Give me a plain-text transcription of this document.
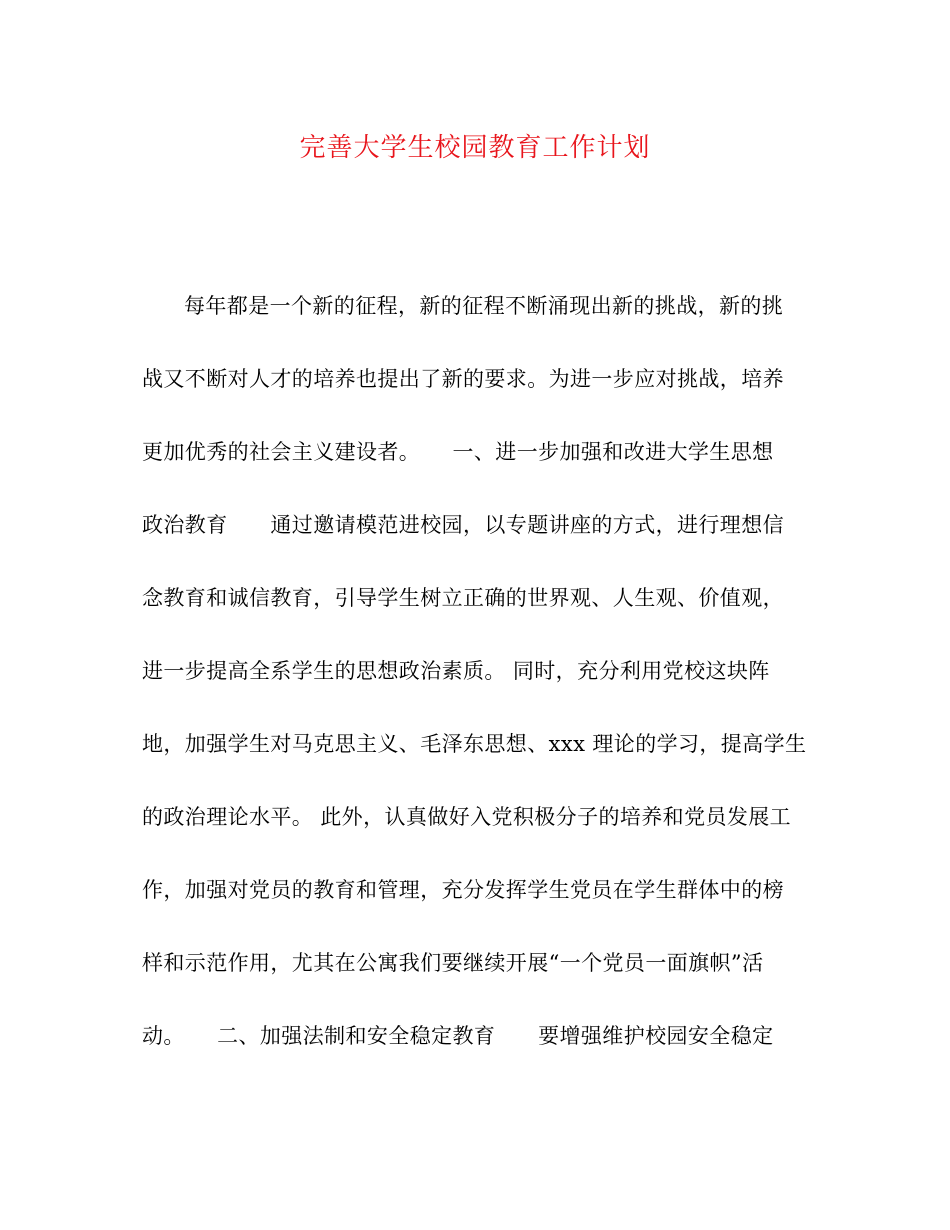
完善大学生校园教育工作计划
每年都是一个新的征程，新的征程不断涌现出新的挑战，新的挑
战又不断对人才的培养也提出了新的要求。为进一步应对挑战，培养
更加优秀的社会主义建设者。　　一、进一步加强和改进大学生思想
政治教育　　通过邀请模范进校园，以专题讲座的方式，进行理想信
念教育和诚信教育，引导学生树立正确的世界观、人生观、价值观，
进一步提高全系学生的思想政治素质。 同时，充分利用党校这块阵
地，加强学生对马克思主义、毛泽东思想、xxx 理论的学习，提高学生
的政治理论水平。 此外，认真做好入党积极分子的培养和党员发展工
作，加强对党员的教育和管理，充分发挥学生党员在学生群体中的榜
样和示范作用，尤其在公寓我们要继续开展“一个党员一面旗帜”活
动。　　二、加强法制和安全稳定教育　　要增强维护校园安全稳定
